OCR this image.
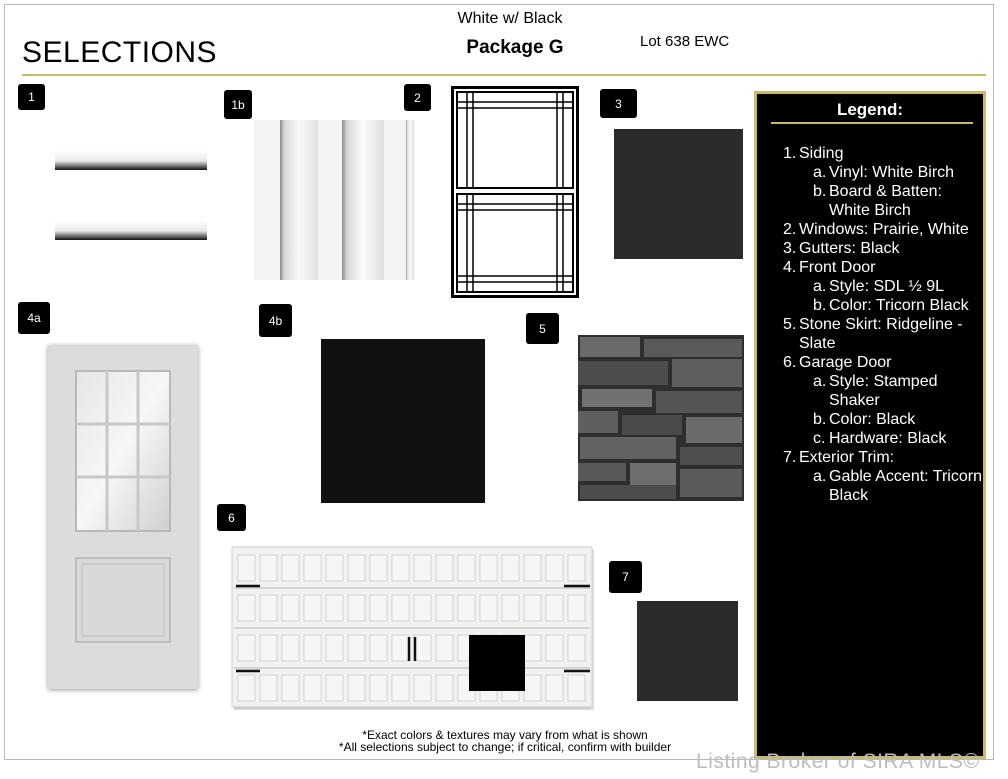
SELECTIONS
White w/ Black
Package G	Lot 638 EWC
1
1b	2	3
4a	4b
5
6
7
Legend:
1. Siding
a. Vinyl: White Birch
b. Board & Batten: White Birch
2. Windows: Prairie, White
3. Gutters: Black
4. Front Door
a. Style: SDL ½ 9L
b. Color: Tricorn Black
5. Stone Skirt: Ridgeline - Slate
6. Garage Door
a. Style: Stamped Shaker
b. Color: Black
c. Hardware: Black
7. Exterior Trim:
a. Gable Accent: Tricorn Black
*Exact colors & textures may vary from what is shown
*All selections subject to change; if critical, confirm with builder
Listing Broker of SIRA MLS©
